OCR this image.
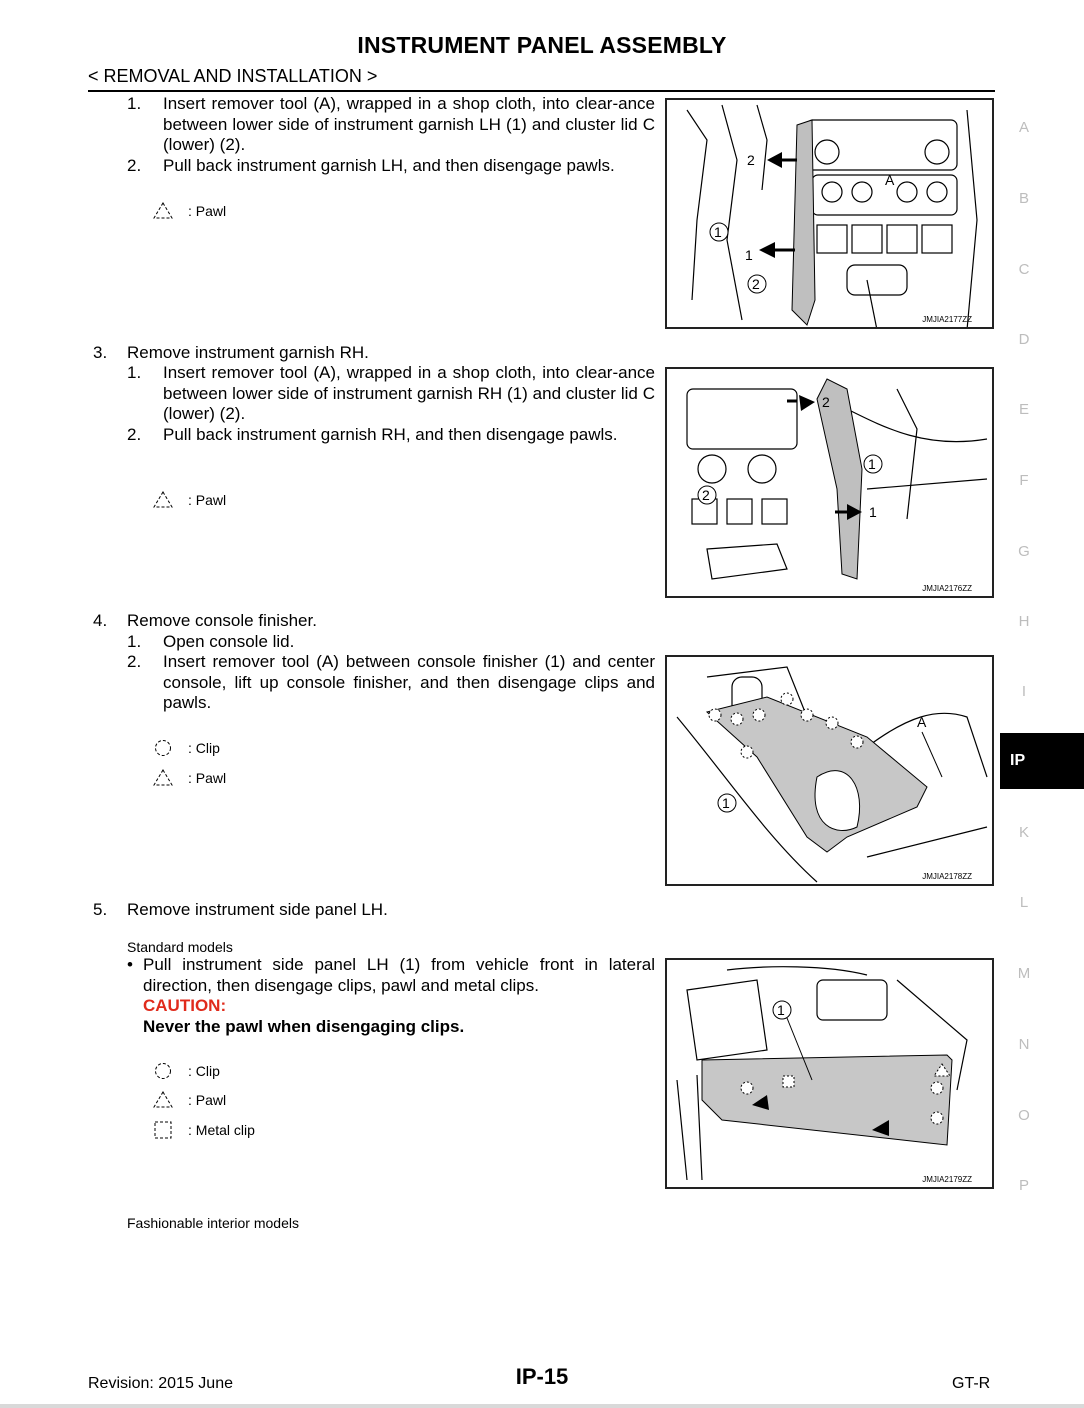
INSTRUMENT PANEL ASSEMBLY
< REMOVAL AND INSTALLATION >
1. Insert remover tool (A), wrapped in a shop cloth, into clear-ance between lower side of instrument garnish LH (1) and cluster lid C (lower) (2).
2. Pull back instrument garnish LH, and then disengage pawls.
: Pawl
1
2
2
1
A
JMJIA2177ZZ
3. Remove instrument garnish RH.
1. Insert remover tool (A), wrapped in a shop cloth, into clear-ance between lower side of instrument garnish RH (1) and cluster lid C (lower) (2).
2. Pull back instrument garnish RH, and then disengage pawls.
: Pawl
1
2
2
1
JMJIA2176ZZ
4. Remove console finisher.
1. Open console lid.
2. Insert remover tool (A) between console finisher (1) and center console, lift up console finisher, and then disengage clips and pawls.
: Clip
: Pawl
1
A
JMJIA2178ZZ
5. Remove instrument side panel LH.
Standard models
• Pull instrument side panel LH (1) from vehicle front in lateral direction, then disengage clips, pawl and metal clips.
CAUTION:
Never the pawl when disengaging clips.
: Clip
: Pawl
: Metal clip
1
JMJIA2179ZZ
Fashionable interior models
A
B
C
D
E
F
G
H
I
IP
K
L
M
N
O
P
Revision: 2015 June	IP-15	GT-R
